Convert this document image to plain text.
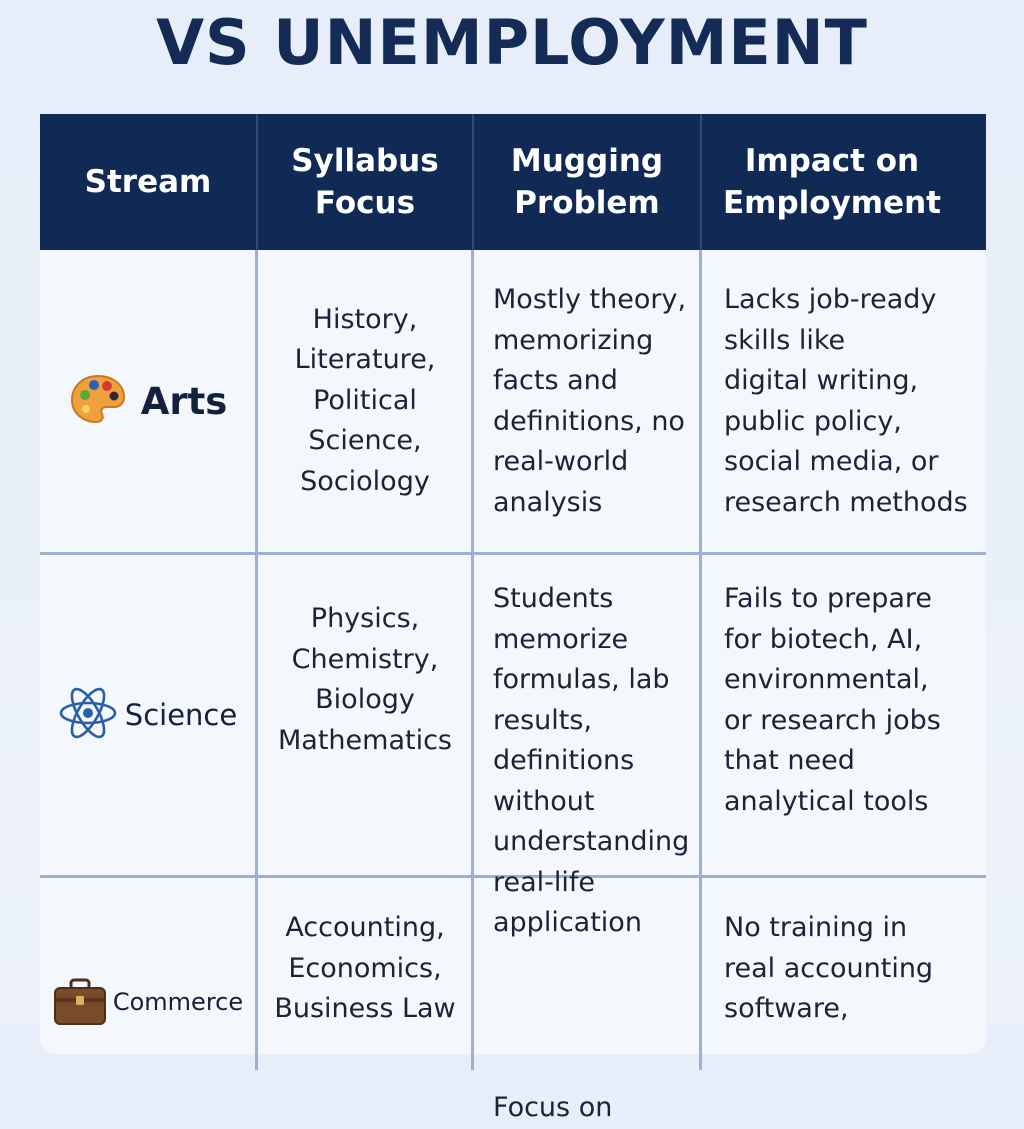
VS UNEMPLOYMENT
Stream
Syllabus
Focus
Mugging
Problem
Impact on
Employment
Arts
History,
Literature,
Political
Science,
Sociology
Mostly theory,
memorizing
facts and
definitions, no
real-world
analysis
Lacks job-ready
skills like
digital writing,
public policy,
social media, or
research methods
Science
Physics,
Chemistry,
Biology
Mathematics
Students
memorize
formulas, lab
results,
definitions
without
understanding
real-life
application
Fails to prepare
for biotech, AI,
environmental,
or research jobs
that need
analytical tools
Commerce
Accounting,
Economics,
Business Law
Focus on
No training in
real accounting
software,
